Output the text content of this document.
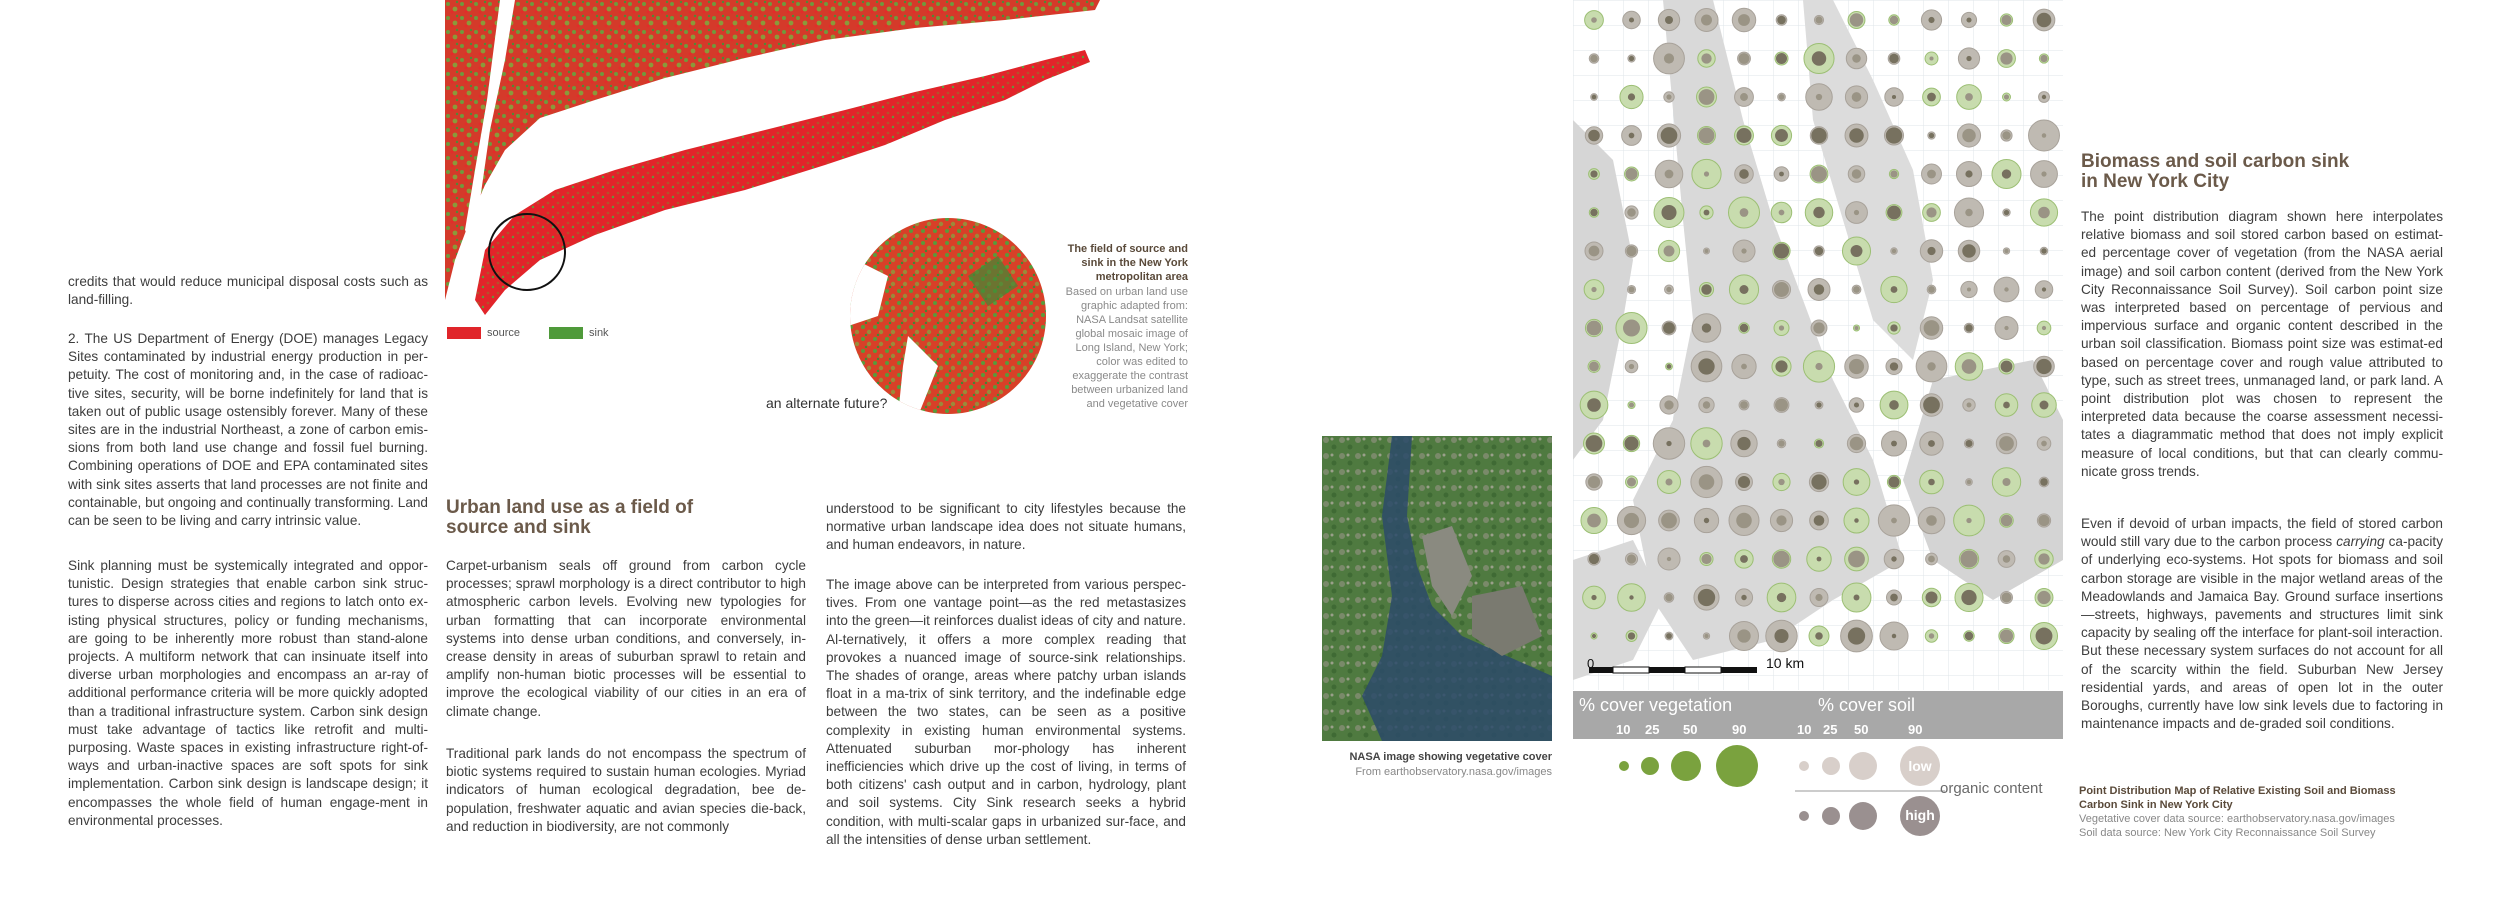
credits that would reduce municipal disposal costs such as land-filling.
2. The US Department of Energy (DOE) manages Legacy Sites contaminated by industrial energy production in per-petuity. The cost of monitoring and, in the case of radioac-tive sites, security, will be borne indefinitely for land that is taken out of public usage ostensibly forever. Many of these sites are in the industrial Northeast, a zone of carbon emis-sions from both land use change and fossil fuel burning. Combining operations of DOE and EPA contaminated sites with sink sites asserts that land processes are not finite and containable, but ongoing and continually transforming. Land can be seen to be living and carry intrinsic value.
Sink planning must be systemically integrated and oppor-tunistic. Design strategies that enable carbon sink struc-tures to disperse across cities and regions to latch onto ex-isting physical structures, policy or funding mechanisms, are going to be inherently more robust than stand-alone projects. A multiform network that can insinuate itself into diverse urban morphologies and encompass an ar-ray of additional performance criteria will be more quickly adopted than a traditional infrastructure system. Carbon sink design must take advantage of tactics like retrofit and multi-purposing. Waste spaces in existing infrastructure right-of-ways and urban-inactive spaces are soft spots for sink implementation. Carbon sink design is landscape design; it encompasses the whole field of human engage-ment in environmental processes.
source	sink
an alternate future?
The field of source and
sink in the New York
metropolitan area
Based on urban land use
graphic adapted from:
NASA Landsat satellite
global mosaic image of
Long Island, New York;
color was edited to
exaggerate the contrast
between urbanized land
and vegetative cover
Urban land use as a field of
source and sink
Carpet-urbanism seals off ground from carbon cycle processes; sprawl morphology is a direct contributor to high atmospheric carbon levels. Evolving new typologies for urban formatting that can incorporate environmental systems into dense urban conditions, and conversely, in-crease density in areas of suburban sprawl to retain and amplify non-human biotic processes will be essential to improve the ecological viability of our cities in an era of climate change.
Traditional park lands do not encompass the spectrum of biotic systems required to sustain human ecologies. Myriad indicators of human ecological degradation, bee de-population, freshwater aquatic and avian species die-back, and reduction in biodiversity, are not commonly
understood to be significant to city lifestyles because the normative urban landscape idea does not situate humans, and human endeavors, in nature.
The image above can be interpreted from various perspec-tives. From one vantage point—as the red metastasizes into the green—it reinforces dualist ideas of city and nature. Al-ternatively, it offers a more complex reading that provokes a nuanced image of source-sink relationships. The shades of orange, areas where patchy urban islands float in a ma-trix of sink territory, and the indefinable edge between the two states, can be seen as a positive complexity in existing human environmental systems. Attenuated suburban mor-phology has inherent inefficiencies which drive up the cost of living, in terms of both citizens' cash output and in carbon, hydrology, plant and soil systems. City Sink research seeks a hybrid condition, with multi-scalar gaps in urbanized sur-face, and all the intensities of dense urban settlement.
NASA image showing vegetative cover
From earthobservatory.nasa.gov/images
0	10 km
% cover vegetation	% cover soil
10 25 50	90	10 25 50	90
low
high
organic content
Biomass and soil carbon sink
in New York City
The point distribution diagram shown here interpolates relative biomass and soil stored carbon based on estimat-ed percentage cover of vegetation (from the NASA aerial image) and soil carbon content (derived from the New York City Reconnaissance Soil Survey). Soil carbon point size was interpreted based on percentage of pervious and impervious surface and organic content described in the urban soil classification. Biomass point size was estimat-ed based on percentage cover and rough value attributed to type, such as street trees, unmanaged land, or park land. A point distribution plot was chosen to represent the interpreted data because the coarse assessment necessi-tates a diagrammatic method that does not imply explicit measure of local conditions, but that can clearly commu-nicate gross trends.
Even if devoid of urban impacts, the field of stored carbon would still vary due to the carbon process carrying ca-pacity of underlying eco-systems. Hot spots for biomass and soil carbon storage are visible in the major wetland areas of the Meadowlands and Jamaica Bay. Ground surface insertions—streets, highways, pavements and structures limit sink capacity by sealing off the interface for plant-soil interaction. But these necessary system surfaces do not account for all of the scarcity within the field. Suburban New Jersey residential yards, and areas of open lot in the outer Boroughs, currently have low sink levels due to factoring in maintenance impacts and de-graded soil conditions.
Point Distribution Map of Relative Existing Soil and Biomass
Carbon Sink in New York City
Vegetative cover data source: earthobservatory.nasa.gov/images
Soil data source: New York City Reconnaissance Soil Survey
